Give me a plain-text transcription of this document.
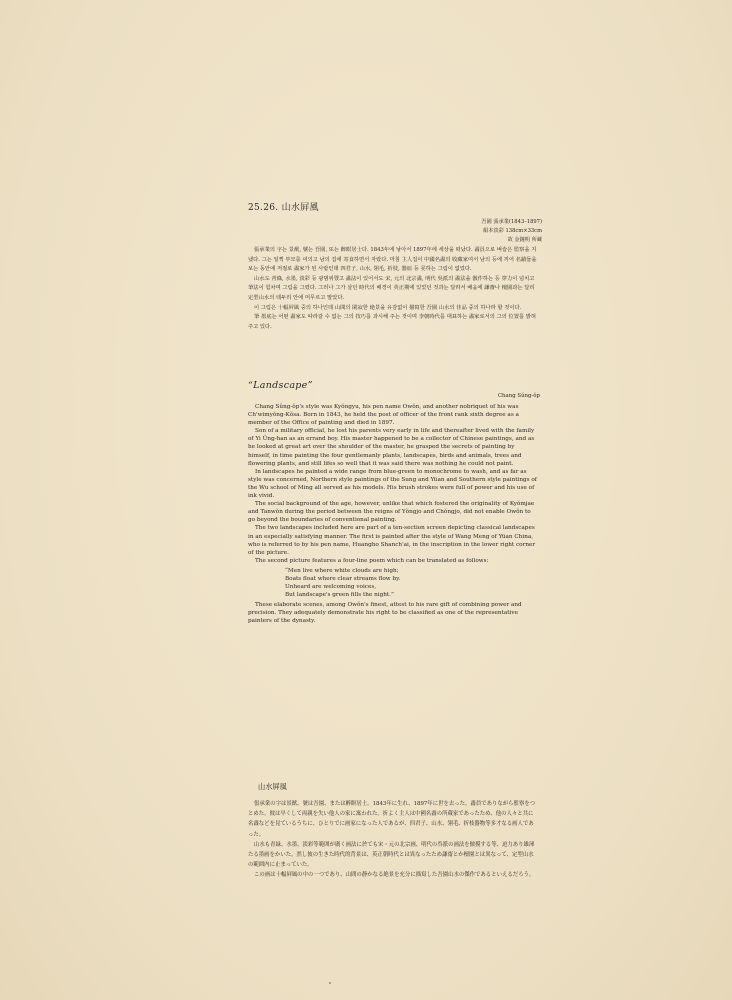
25.26. 山水屛風
吾園 張承業(1843–1897)
絹本淡彩 138cm×33cm
故 金鐘明 所蔵

張承業의 字는 景猷, 號는 吾園, 또는 醉瞑居士다. 1843年에 낳아서 1897年에 세상을 떠났다. 畵員으로 벼슬은 監察을 지냈다. 그는 일찍 부모를 여의고 남의 집에 寄食하면서 자랐다. 마침 主人집이 中國名畵의 收藏家여서 남의 등에 끼어 名蹟들을 보는 동안에 저절로 畵家가 된 사람인데 四君子, 山水, 翎毛, 折枝, 器皿 등 못하는 그림이 없었다.

山水도 靑綠, 水墨, 淡彩 등 광범위했고 畵法이 있어서도 宋, 元의 北宗畵, 明代 吳派의 畵法을 倣作하는 등 穿力이 넘치고 筆法이 힘차며 그림을 그렸다. 그러나 그가 살던 時代의 배경이 英正期에 있었던 것과는 달라서 배움에 謙齋나 檀園과는 달리 定型山水의 테두리 안에 머무르고 말았다.

이 그림은 十幅屛風 중의 하나인데 山間의 閑寂한 絶景을 유감없이 描寫한 吾園 山水의 佳品 중의 하나라 할 것이다.

筆 墨底는 어떤 畵家도 따라갈 수 없는 그의 技巧를 과시해 주는 것이며 李朝時代를 대표하는 畵家로서의 그의 位置를 밝혀주고 있다.

“Landscape”
Chang Sŭng-ŏp

Chang Sŭng-ŏp's style was Kyŏngyu, his pen name Owŏn, and another nobriquet of his was Ch'wimyŏng-Kŏsa. Born in 1843, he held the post of officer of the front rank sixth degree as a member of the Office of painting and died in 1897.

Son of a military official, he lost his parents very early in life and thereafter lived with the family of Yi Ŭng-han as an errand boy. His master happened to be a collector of Chinese paintings, and as he looked at great art over the shoulder of the master, he grasped the secrets of painting by himself, in time painting the four gentlemanly plants, landscapes, birds and animals, trees and flowering plants, and still lifes so well that it was said there was nothing he could not paint.

In landscapes he painted a wide range from blue-green to monochrome to wash, and as far as style was concerned, Northern style paintings of the Sung and Yüan and Southern style paintings of the Wu school of Ming all served as his models. His brush strokes were full of power and his use of ink vivid.

The social background of the age, however, unlike that which fostered the originality of Kyŏmjae and Tanwŏn during the period between the reigns of Yŏngjo and Chŏngjo, did not enable Owŏn to go beyond the boundaries of conventional painting.

The two landscapes included here are part of a ten-section screen depicting classical landscapes in an especially satisfying manner. The first is painted after the style of Wang Meng of Yüan China, who is referred to by his pen name, Huangho Shanch'ai, in the inscription in the lower right corner of the picture.

The second picture features a four-line poem which can be translated as follows:

“Men live where white clouds are high;
Boats float where clear streams flow by.
Unheard are welcoming voices,
But landscape's green fills the night.”

These elaborate scenes, among Owŏn's finest, attest to his rare gift of combining power and precision. They adequately demonstrate his right to be classified as one of the representative painters of the dynasty.

山水屛風

張承業の字は景猷、號は吾園、または醉瞑居士。1843年に生れ、1897年に世を去った。畵員でありながら監察をつとめた。彼は早くして両親を失い他人の家に寓われた。折よく主人は中國名畵の所蔵家であったため、他の人々と共に名畵などを見ているうちに、ひとりでに画家になった人であるが、四君子、山水、翎毛、折枝器物等多才なる画人であった。

山水も青緑、水墨、淡彩等範囲が廣く画法に於ても宋・元の北宗画、明代の呉派の画法を倣摸する等、迫力あり雄渾たる墨画をかいた。然し彼の生きた時代的背景は、英正朝時代とは異なったため謙齋とか檀園とは異なって、定型山水の範囲内に止まっていた。

この画は十幅屛風の中の一つであり、山間の静かなる絶景を充分に描寫した吾園山水の傑作であるといえるだろう。
